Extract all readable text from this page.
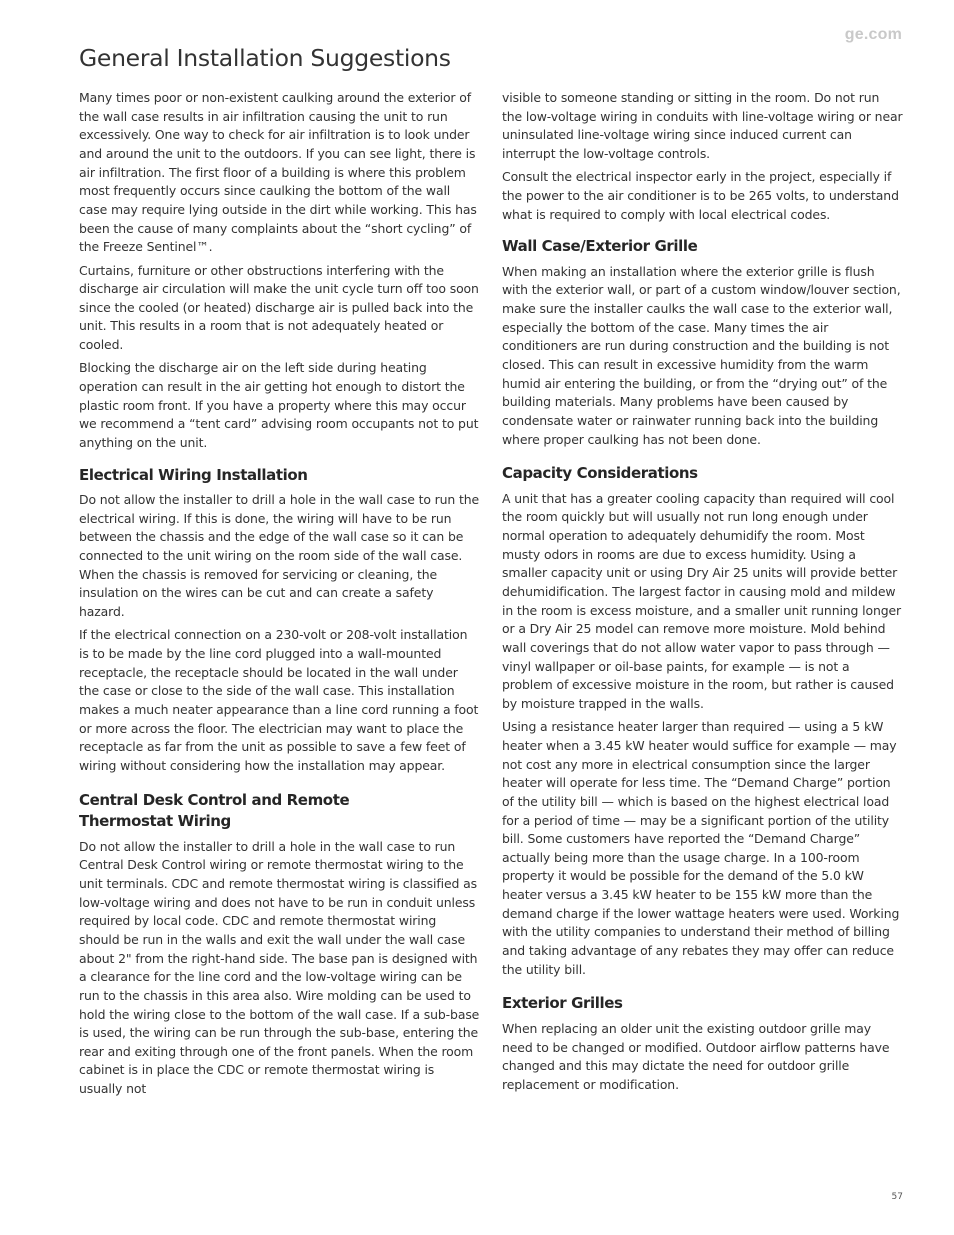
ge.com
General Installation Suggestions

Many times poor or non-existent caulking around the exterior of the wall case results in air infiltration causing the unit to run excessively. One way to check for air infiltration is to look under and around the unit to the outdoors. If you can see light, there is air infiltration. The first floor of a building is where this problem most frequently occurs since caulking the bottom of the wall case may require lying outside in the dirt while working. This has been the cause of many complaints about the “short cycling” of the Freeze Sentinel™.

Curtains, furniture or other obstructions interfering with the discharge air circulation will make the unit cycle turn off too soon since the cooled (or heated) discharge air is pulled back into the unit. This results in a room that is not adequately heated or cooled.

Blocking the discharge air on the left side during heating operation can result in the air getting hot enough to distort the plastic room front. If you have a property where this may occur we recommend a “tent card” advising room occupants not to put anything on the unit.

Electrical Wiring Installation

Do not allow the installer to drill a hole in the wall case to run the electrical wiring. If this is done, the wiring will have to be run between the chassis and the edge of the wall case so it can be connected to the unit wiring on the room side of the wall case. When the chassis is removed for servicing or cleaning, the insulation on the wires can be cut and can create a safety hazard.

If the electrical connection on a 230-volt or 208-volt installation is to be made by the line cord plugged into a wall-mounted receptacle, the receptacle should be located in the wall under the case or close to the side of the wall case. This installation makes a much neater appearance than a line cord running a foot or more across the floor. The electrician may want to place the receptacle as far from the unit as possible to save a few feet of wiring without considering how the installation may appear.

Central Desk Control and Remote
Thermostat Wiring

Do not allow the installer to drill a hole in the wall case to run Central Desk Control wiring or remote thermostat wiring to the unit terminals. CDC and remote thermostat wiring is classified as low-voltage wiring and does not have to be run in conduit unless required by local code. CDC and remote thermostat wiring should be run in the walls and exit the wall under the wall case about 2" from the right-hand side. The base pan is designed with a clearance for the line cord and the low-voltage wiring can be run to the chassis in this area also. Wire molding can be used to hold the wiring close to the bottom of the wall case. If a sub-base is used, the wiring can be run through the sub-base, entering the rear and exiting through one of the front panels. When the room cabinet is in place the CDC or remote thermostat wiring is usually not

visible to someone standing or sitting in the room. Do not run the low-voltage wiring in conduits with line-voltage wiring or near uninsulated line-voltage wiring since induced current can interrupt the low-voltage controls.

Consult the electrical inspector early in the project, especially if the power to the air conditioner is to be 265 volts, to understand what is required to comply with local electrical codes.

Wall Case/Exterior Grille

When making an installation where the exterior grille is flush with the exterior wall, or part of a custom window/louver section, make sure the installer caulks the wall case to the exterior wall, especially the bottom of the case. Many times the air conditioners are run during construction and the building is not closed. This can result in excessive humidity from the warm humid air entering the building, or from the “drying out” of the building materials. Many problems have been caused by condensate water or rainwater running back into the building where proper caulking has not been done.

Capacity Considerations

A unit that has a greater cooling capacity than required will cool the room quickly but will usually not run long enough under normal operation to adequately dehumidify the room. Most musty odors in rooms are due to excess humidity. Using a smaller capacity unit or using Dry Air 25 units will provide better dehumidification. The largest factor in causing mold and mildew in the room is excess moisture, and a smaller unit running longer or a Dry Air 25 model can remove more moisture. Mold behind wall coverings that do not allow water vapor to pass through — vinyl wallpaper or oil-base paints, for example — is not a problem of excessive moisture in the room, but rather is caused by moisture trapped in the walls.

Using a resistance heater larger than required — using a 5 kW heater when a 3.45 kW heater would suffice for example — may not cost any more in electrical consumption since the larger heater will operate for less time. The “Demand Charge” portion of the utility bill — which is based on the highest electrical load for a period of time — may be a significant portion of the utility bill. Some customers have reported the “Demand Charge” actually being more than the usage charge. In a 100-room property it would be possible for the demand of the 5.0 kW heater versus a 3.45 kW heater to be 155 kW more than the demand charge if the lower wattage heaters were used. Working with the utility companies to understand their method of billing and taking advantage of any rebates they may offer can reduce the utility bill.

Exterior Grilles

When replacing an older unit the existing outdoor grille may need to be changed or modified. Outdoor airflow patterns have changed and this may dictate the need for outdoor grille replacement or modification.

57
